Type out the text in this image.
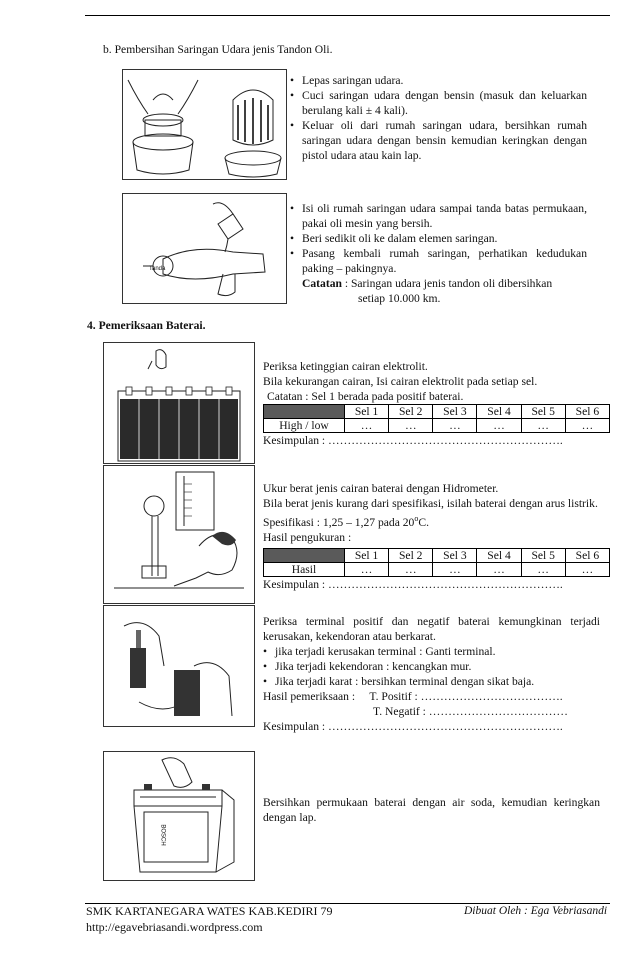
b. Pembersihan Saringan Udara jenis Tandon Oli.
• Lepas saringan udara.
• Cuci saringan udara dengan bensin (masuk dan keluarkan berulang kali ± 4 kali).
• Keluar oli dari rumah saringan udara, bersihkan rumah saringan udara dengan bensin kemudian keringkan dengan pistol udara atau kain lap.
Tanda
• Isi oli rumah saringan udara sampai tanda batas permukaan, pakai oli mesin yang bersih.
• Beri sedikit oli ke dalam elemen saringan.
• Pasang kembali rumah saringan, perhatikan kedudukan paking – pakingnya.
Catatan : Saringan udara jenis tandon oli dibersihkan
setiap 10.000 km.
4. Pemeriksaan Baterai.
Periksa ketinggian cairan elektrolit.
Bila kekurangan cairan, Isi cairan elektrolit pada setiap sel.
Catatan : Sel 1 berada pada positif baterai.
	Sel 1	Sel 2	Sel 3	Sel 4	Sel 5	Sel 6
High / low	…	…	…	…	…	…
Kesimpulan : …………………………………………………….
Ukur berat jenis cairan baterai dengan Hidrometer.
Bila berat jenis kurang dari spesifikasi, isilah baterai dengan arus listrik.
Spesifikasi : 1,25 – 1,27 pada 20$^o$C.
Hasil pengukuran :
	Sel 1	Sel 2	Sel 3	Sel 4	Sel 5	Sel 6
Hasil	…	…	…	…	…	…
Kesimpulan : …………………………………………………….
Periksa terminal positif dan negatif baterai kemungkinan terjadi kerusakan, kekendoran atau berkarat.
• jika terjadi kerusakan terminal : Ganti terminal.
• Jika terjadi kekendoran : kencangkan mur.
• Jika terjadi karat : bersihkan terminal dengan sikat baja.
Hasil pemeriksaan :     T. Positif : ……………………………….
T. Negatif : ………………………………
Kesimpulan : …………………………………………………….
BOSCH
Bersihkan permukaan baterai dengan air soda, kemudian keringkan dengan lap.
SMK KARTANEGARA WATES KAB.KEDIRI 79
http://egavebriasandi.wordpress.com
Dibuat Oleh : Ega Vebriasandi
